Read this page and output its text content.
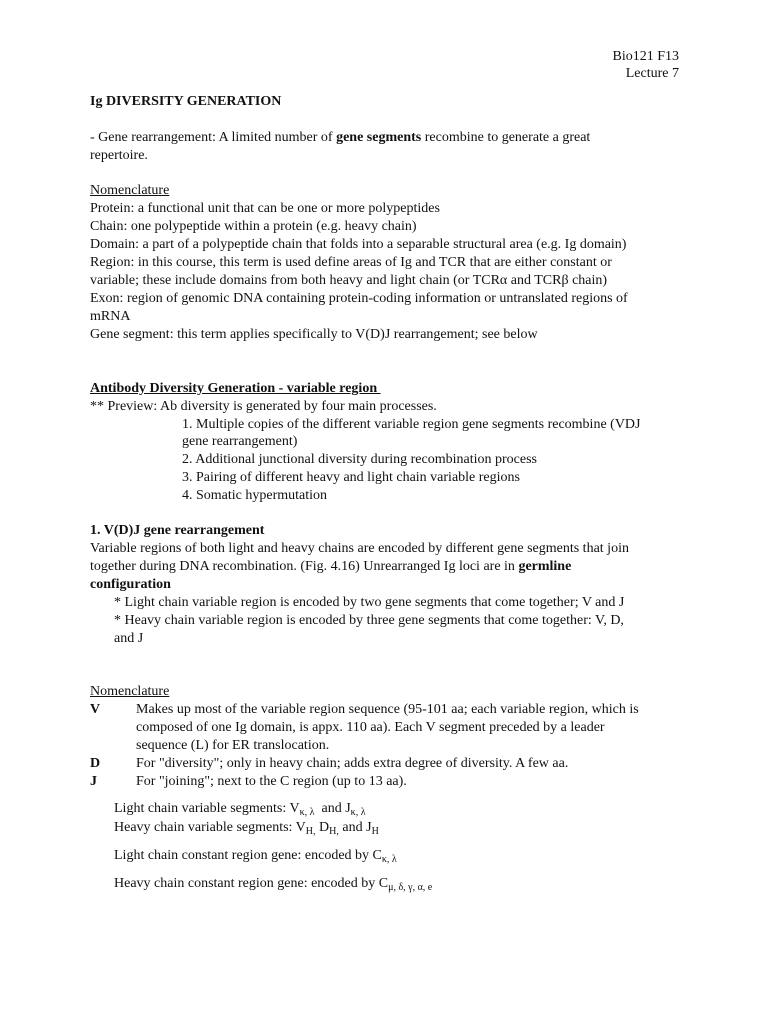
Bio121 F13
Lecture 7
Ig DIVERSITY GENERATION
- Gene rearrangement: A limited number of gene segments recombine to generate a great
repertoire.
Nomenclature
Protein: a functional unit that can be one or more polypeptides
Chain: one polypeptide within a protein (e.g. heavy chain)
Domain: a part of a polypeptide chain that folds into a separable structural area (e.g. Ig domain)
Region: in this course, this term is used define areas of Ig and TCR that are either constant or
variable; these include domains from both heavy and light chain (or TCRα and TCRβ chain)
Exon: region of genomic DNA containing protein-coding information or untranslated regions of
mRNA
Gene segment: this term applies specifically to V(D)J rearrangement; see below
Antibody Diversity Generation - variable region
** Preview: Ab diversity is generated by four main processes.
1. Multiple copies of the different variable region gene segments recombine (VDJ
gene rearrangement)
2. Additional junctional diversity during recombination process
3. Pairing of different heavy and light chain variable regions
4. Somatic hypermutation
1. V(D)J gene rearrangement
Variable regions of both light and heavy chains are encoded by different gene segments that join
together during DNA recombination. (Fig. 4.16) Unrearranged Ig loci are in germline
configuration
* Light chain variable region is encoded by two gene segments that come together; V and J
* Heavy chain variable region is encoded by three gene segments that come together: V, D,
and J
Nomenclature
V	Makes up most of the variable region sequence (95-101 aa; each variable region, which is
composed of one Ig domain, is appx. 110 aa). Each V segment preceded by a leader
sequence (L) for ER translocation.
D	For "diversity"; only in heavy chain; adds extra degree of diversity. A few aa.
J	For "joining"; next to the C region (up to 13 aa).
Light chain variable segments: $V_{\kappa, \lambda}$  and $J_{\kappa, \lambda}$
Heavy chain variable segments: $V_{H,}$ $D_{H,}$ and $J_H$
Light chain constant region gene: encoded by $C_{\kappa, \lambda}$
Heavy chain constant region gene: encoded by $C_{\mu, \delta, \gamma, \alpha, e}$
